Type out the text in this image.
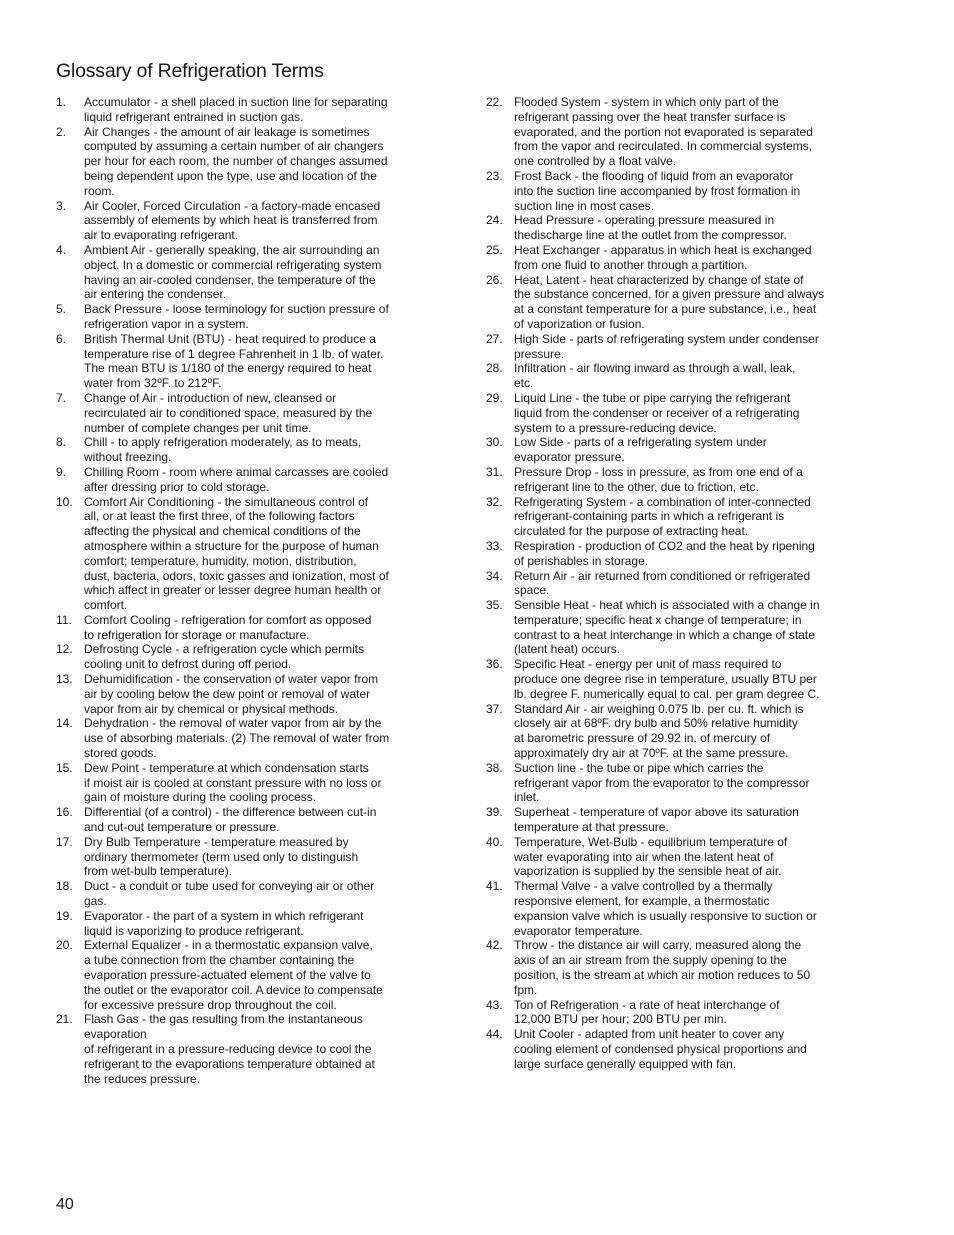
Glossary of Refrigeration Terms
1.	Accumulator - a shell placed in suction line for separating
liquid refrigerant entrained in suction gas.
2.	Air Changes - the amount of air leakage is sometimes
computed by assuming a certain number of air changers
per hour for each room, the number of changes assumed
being dependent upon the type, use and location of the
room.
3.	Air Cooler, Forced Circulation - a factory-made encased
assembly of elements by which heat is transferred from
air to evaporating refrigerant.
4.	Ambient Air - generally speaking, the air surrounding an
object. In a domestic or commercial refrigerating system
having an air-cooled condenser, the temperature of the
air entering the condenser.
5.	Back Pressure - loose terminology for suction pressure of
refrigeration vapor in a system.
6.	British Thermal Unit (BTU) - heat required to produce a
temperature rise of 1 degree Fahrenheit in 1 lb. of water.
The mean BTU is 1/180 of the energy required to heat
water from 32ºF. to 212ºF.
7.	Change of Air - introduction of new, cleansed or
recirculated air to conditioned space, measured by the
number of complete changes per unit time.
8.	Chill - to apply refrigeration moderately, as to meats,
without freezing.
9.	Chilling Room - room where animal carcasses are cooled
after dressing prior to cold storage.
10. Comfort Air Conditioning - the simultaneous control of
all, or at least the first three, of the following factors
affecting the physical and chemical conditions of the
atmosphere within a structure for the purpose of human
comfort; temperature, humidity, motion, distribution,
dust, bacteria, odors, toxic gasses and ionization, most of
which affect in greater or lesser degree human health or
comfort.
11.	Comfort Cooling - refrigeration for comfort as opposed
to refrigeration for storage or manufacture.
12. Defrosting Cycle - a refrigeration cycle which permits
cooling unit to defrost during off period.
13. Dehumidification - the conservation of water vapor from
air by cooling below the dew point or removal of water
vapor from air by chemical or physical methods.
14. Dehydration - the removal of water vapor from air by the
use of absorbing materials. (2) The removal of water from
stored goods.
15. Dew Point - temperature at which condensation starts
if moist air is cooled at constant pressure with no loss or
gain of moisture during the cooling process.
16. Differential (of a control) - the difference between cut-in
and cut-out temperature or pressure.
17. Dry Bulb Temperature - temperature measured by
ordinary thermometer (term used only to distinguish
from wet-bulb temperature).
18. Duct - a conduit or tube used for conveying air or other
gas.
19. Evaporator - the part of a system in which refrigerant
liquid is vaporizing to produce refrigerant.
20. External Equalizer - in a thermostatic expansion valve,
a tube connection from the chamber containing the
evaporation pressure-actuated element of the valve to
the outlet or the evaporator coil. A device to compensate
for excessive pressure drop throughout the coil.
21. Flash Gas - the gas resulting from the instantaneous
evaporation
of refrigerant in a pressure-reducing device to cool the
refrigerant to the evaporations temperature obtained at
the reduces pressure.
22. Flooded System - system in which only part of the
refrigerant passing over the heat transfer surface is
evaporated, and the portion not evaporated is separated
from the vapor and recirculated. In commercial systems,
one controlled by a float valve.
23. Frost Back - the flooding of liquid from an evaporator
into the suction line accompanied by frost formation in
suction line in most cases.
24. Head Pressure - operating pressure measured in
thedischarge line at the outlet from the compressor.
25. Heat Exchanger - apparatus in which heat is exchanged
from one fluid to another through a partition.
26. Heat, Latent - heat characterized by change of state of
the substance concerned, for a given pressure and always
at a constant temperature for a pure substance, i.e., heat
of vaporization or fusion.
27. High Side - parts of refrigerating system under condenser
pressure.
28. Infiltration - air flowing inward as through a wall, leak,
etc.
29. Liquid Line - the tube or pipe carrying the refrigerant
liquid from the condenser or receiver of a refrigerating
system to a pressure-reducing device.
30. Low Side - parts of a refrigerating system under
evaporator pressure.
31. Pressure Drop - loss in pressure, as from one end of a
refrigerant line to the other, due to friction, etc.
32. Refrigerating System - a combination of inter-connected
refrigerant-containing parts in which a refrigerant is
circulated for the purpose of extracting heat.
33. Respiration - production of CO2 and the heat by ripening
of perishables in storage.
34. Return Air - air returned from conditioned or refrigerated
space.
35. Sensible Heat - heat which is associated with a change in
temperature; specific heat x change of temperature; in
contrast to a heat interchange in which a change of state
(latent heat) occurs.
36. Specific Heat - energy per unit of mass required to
produce one degree rise in temperature, usually BTU per
lb. degree F. numerically equal to cal. per gram degree C.
37. Standard Air - air weighing 0.075 lb. per cu. ft. which is
closely air at 68ºF. dry bulb and 50% relative humidity
at barometric pressure of 29.92 in. of mercury of
approximately dry air at 70ºF. at the same pressure.
38. Suction line - the tube or pipe which carries the
refrigerant vapor from the evaporator to the compressor
inlet.
39. Superheat - temperature of vapor above its saturation
temperature at that pressure.
40. Temperature, Wet-Bulb - equilibrium temperature of
water evaporating into air when the latent heat of
vaporization is supplied by the sensible heat of air.
41. Thermal Valve - a valve controlled by a thermally
responsive element, for example, a thermostatic
expansion valve which is usually responsive to suction or
evaporator temperature.
42. Throw - the distance air will carry, measured along the
axis of an air stream from the supply opening to the
position, is the stream at which air motion reduces to 50
fpm.
43. Ton of Refrigeration - a rate of heat interchange of
12,000 BTU per hour; 200 BTU per min.
44. Unit Cooler - adapted from unit heater to cover any
cooling element of condensed physical proportions and
large surface generally equipped with fan.
40
